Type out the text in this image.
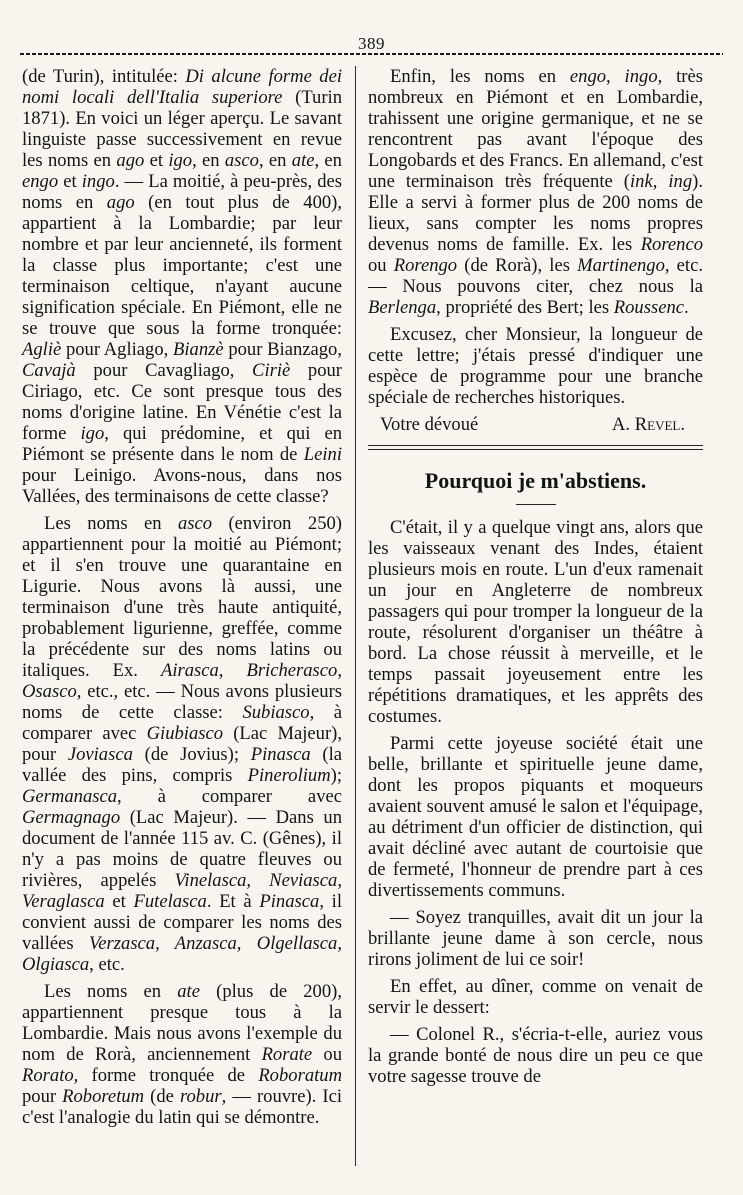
389

(de Turin), intitulée: Di alcune forme dei nomi locali dell'Italia superiore (Turin 1871). En voici un léger aperçu. Le savant linguiste passe successivement en revue les noms en ago et igo, en asco, en ate, en engo et ingo. — La moitié, à peu-près, des noms en ago (en tout plus de 400), appartient à la Lombardie; par leur nombre et par leur ancienneté, ils forment la classe plus importante; c'est une terminaison celtique, n'ayant aucune signification spéciale. En Piémont, elle ne se trouve que sous la forme tronquée: Agliè pour Agliago, Bianzè pour Bianzago, Cavajà pour Cavagliago, Ciriè pour Ciriago, etc. Ce sont presque tous des noms d'origine latine. En Vénétie c'est la forme igo, qui prédomine, et qui en Piémont se présente dans le nom de Leini pour Leinigo. Avons-nous, dans nos Vallées, des terminaisons de cette classe?

Les noms en asco (environ 250) appartiennent pour la moitié au Piémont; et il s'en trouve une quarantaine en Ligurie. Nous avons là aussi, une terminaison d'une très haute antiquité, probablement ligurienne, greffée, comme la précédente sur des noms latins ou italiques. Ex. Airasca, Bricherasco, Osasco, etc., etc. — Nous avons plusieurs noms de cette classe: Subiasco, à comparer avec Giubiasco (Lac Majeur), pour Joviasca (de Jovius); Pinasca (la vallée des pins, compris Pinerolium); Germanasca, à comparer avec Germagnago (Lac Majeur). — Dans un document de l'année 115 av. C. (Gênes), il n'y a pas moins de quatre fleuves ou rivières, appelés Vinelasca, Neviasca, Veraglasca et Futelasca. Et à Pinasca, il convient aussi de comparer les noms des vallées Verzasca, Anzasca, Olgellasca, Olgiasca, etc.

Les noms en ate (plus de 200), appartiennent presque tous à la Lombardie. Mais nous avons l'exemple du nom de Rorà, anciennement Rorate ou Rorato, forme tronquée de Roboratum pour Roboretum (de robur, — rouvre). Ici c'est l'analogie du latin qui se démontre.

Enfin, les noms en engo, ingo, très nombreux en Piémont et en Lombardie, trahissent une origine germanique, et ne se rencontrent pas avant l'époque des Longobards et des Francs. En allemand, c'est une terminaison très fréquente (ink, ing). Elle a servi à former plus de 200 noms de lieux, sans compter les noms propres devenus noms de famille. Ex. les Rorenco ou Rorengo (de Rorà), les Martinengo, etc. — Nous pouvons citer, chez nous la Berlenga, propriété des Bert; les Roussenc.

Excusez, cher Monsieur, la longueur de cette lettre; j'étais pressé d'indiquer une espèce de programme pour une branche spéciale de recherches historiques.

Votre dévoué	A. Revel.
Pourquoi je m'abstiens.

C'était, il y a quelque vingt ans, alors que les vaisseaux venant des Indes, étaient plusieurs mois en route. L'un d'eux ramenait un jour en Angleterre de nombreux passagers qui pour tromper la longueur de la route, résolurent d'organiser un théâtre à bord. La chose réussit à merveille, et le temps passait joyeusement entre les répétitions dramatiques, et les apprêts des costumes.

Parmi cette joyeuse société était une belle, brillante et spirituelle jeune dame, dont les propos piquants et moqueurs avaient souvent amusé le salon et l'équipage, au détriment d'un officier de distinction, qui avait décliné avec autant de courtoisie que de fermeté, l'honneur de prendre part à ces divertissements communs.

— Soyez tranquilles, avait dit un jour la brillante jeune dame à son cercle, nous rirons joliment de lui ce soir!

En effet, au dîner, comme on venait de servir le dessert:

— Colonel R., s'écria-t-elle, auriez vous la grande bonté de nous dire un peu ce que votre sagesse trouve de
